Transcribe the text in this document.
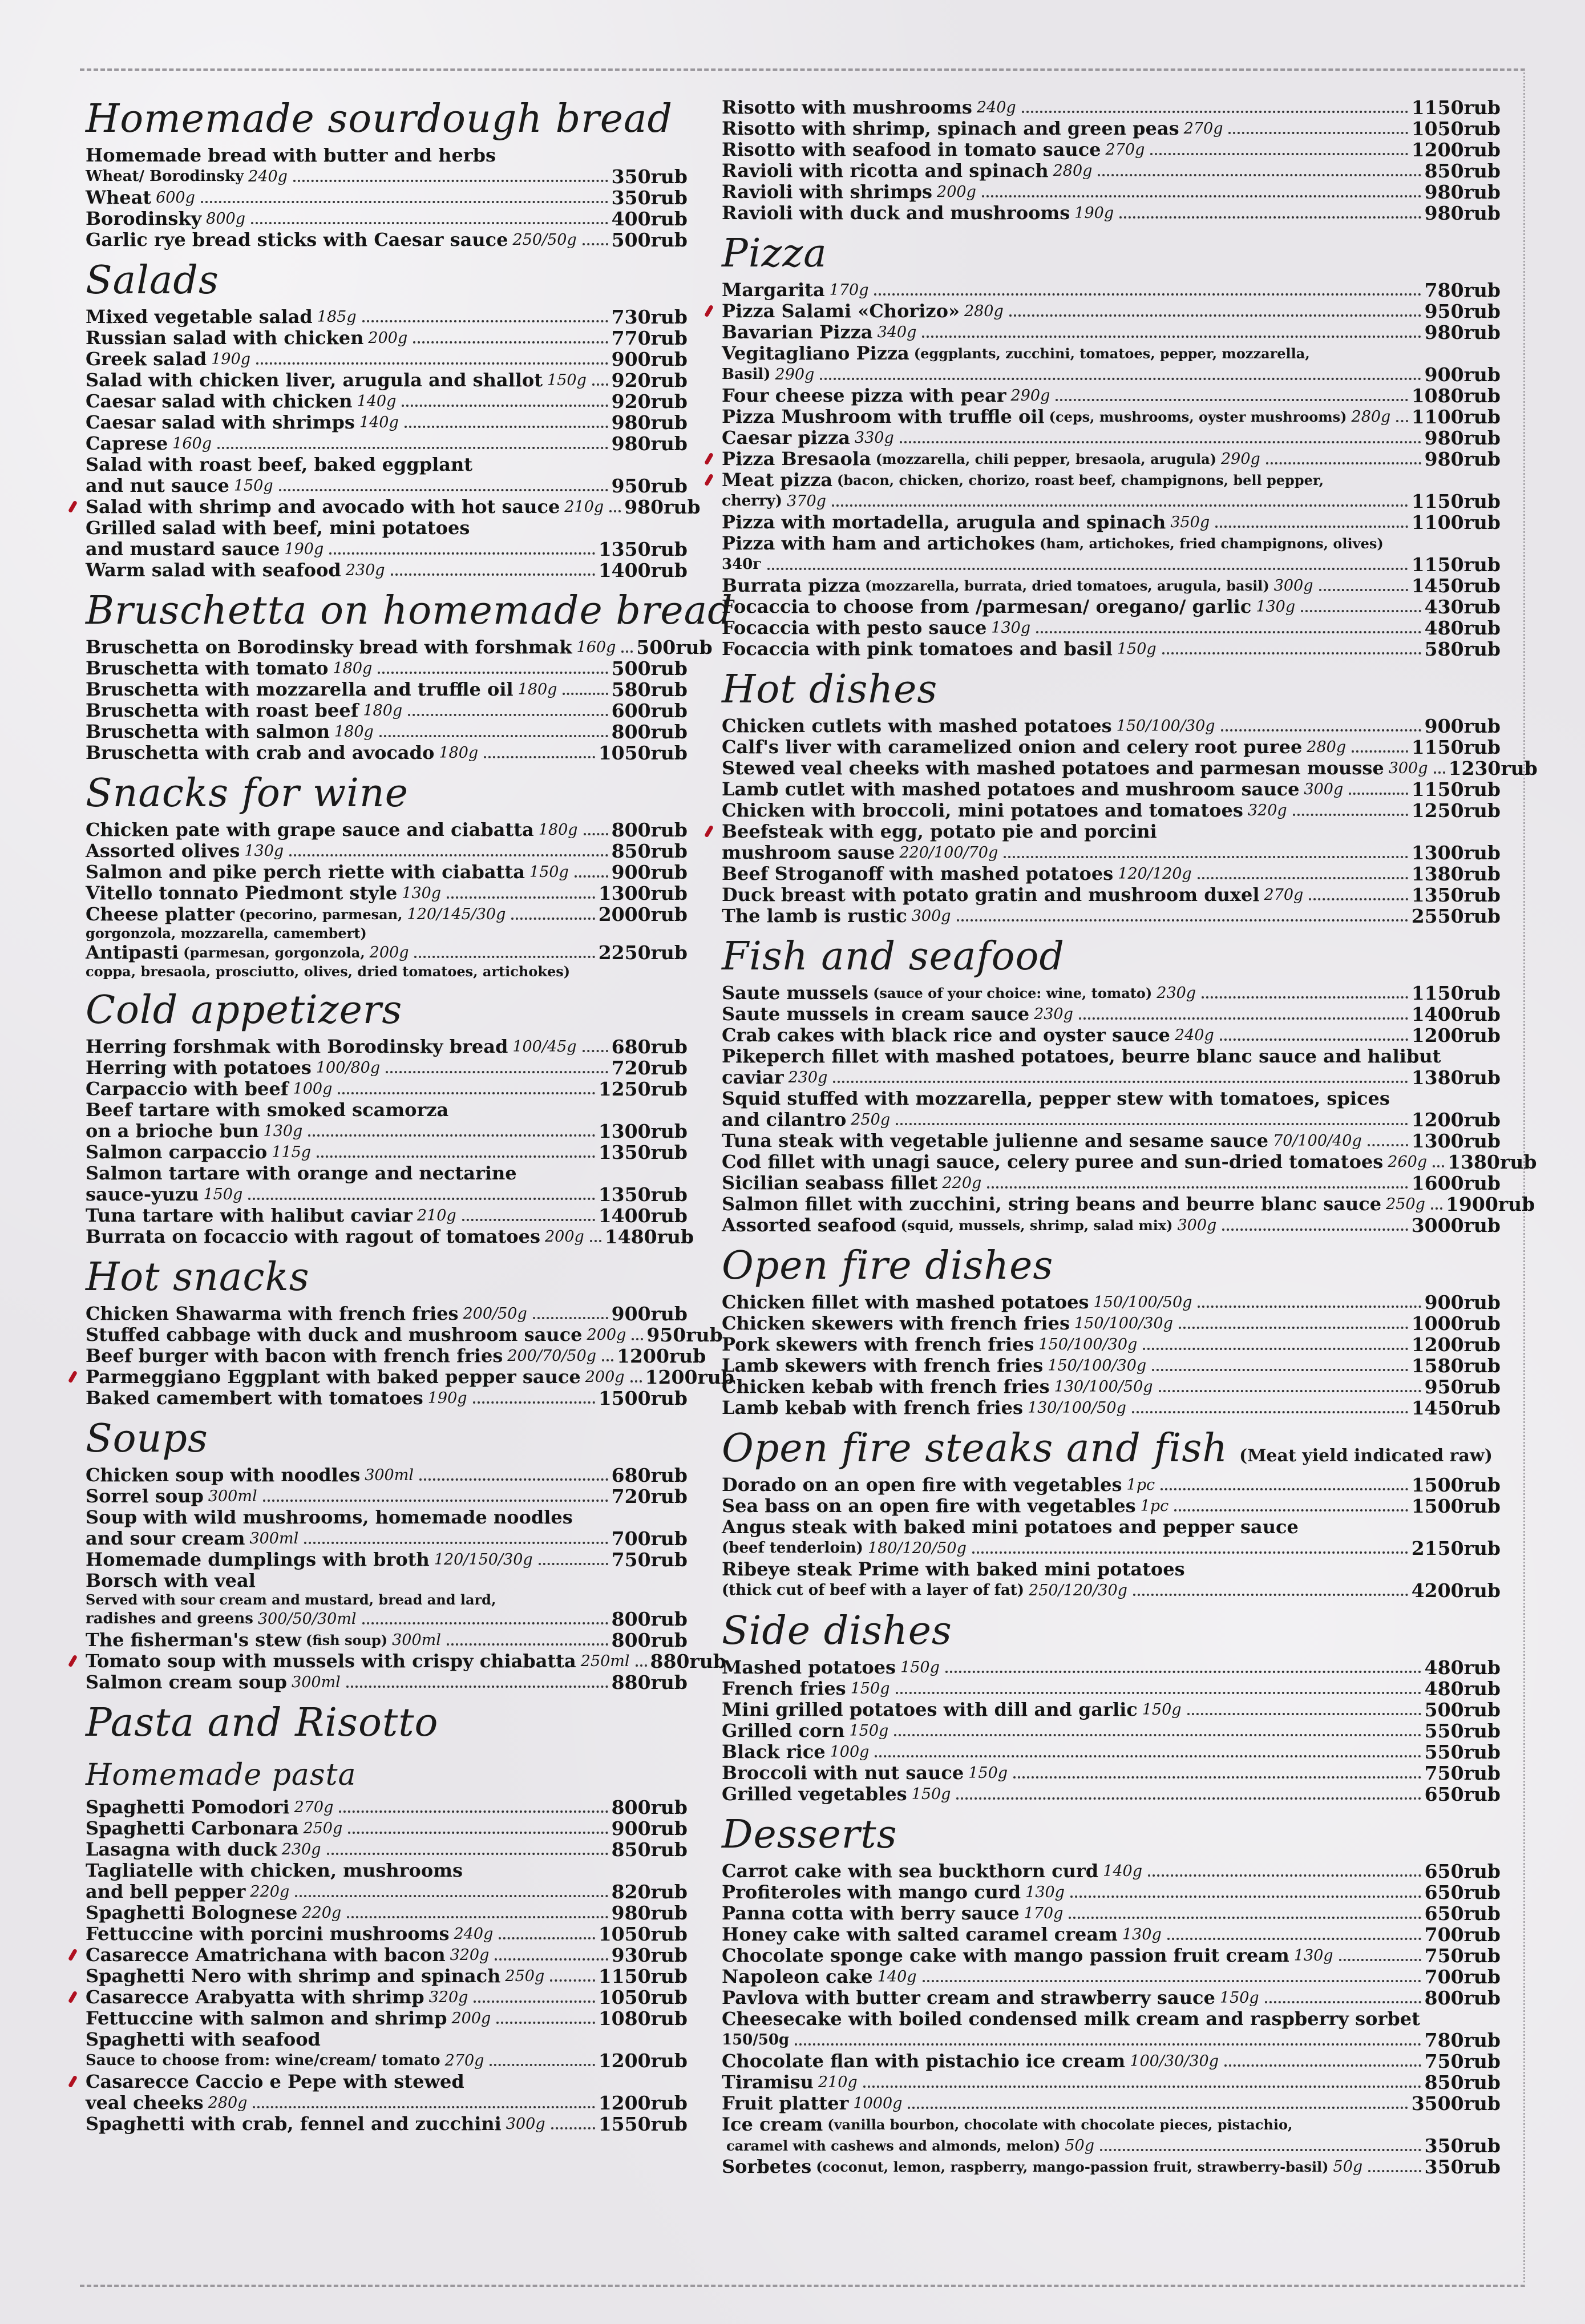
Homemade sourdough bread
Homemade bread with butter and herbs
Wheat/ Borodinsky 240g	350rub
Wheat 600g	350rub
Borodinsky 800g	400rub
Garlic rye bread sticks with Caesar sauce 250/50g 500rub
Salads
Mixed vegetable salad 185g	730rub
Russian salad with chicken 200g	770rub
Greek salad 190g	900rub
Salad with chicken liver, arugula and shallot 150g 920rub
Caesar salad with chicken 140g	920rub
Caesar salad with shrimps 140g	980rub
Caprese 160g	980rub
Salad with roast beef, baked eggplant
and nut sauce 150g	950rub
Salad with shrimp and avocado with hot sauce 210g 980rub
Grilled salad with beef, mini potatoes
and mustard sauce 190g	1350rub
Warm salad with seafood 230g	1400rub
Bruschetta on homemade bread
Bruschetta on Borodinsky bread with forshmak 160g 500rub
Bruschetta with tomato 180g	500rub
Bruschetta with mozzarella and truffle oil 180g	580rub
Bruschetta with roast beef 180g	600rub
Bruschetta with salmon 180g	800rub
Bruschetta with crab and avocado 180g	1050rub
Snacks for wine
Chicken pate with grape sauce and ciabatta 180g 800rub
Assorted olives 130g	850rub
Salmon and pike perch riette with ciabatta 150g 900rub
Vitello tonnato Piedmont style 130g	1300rub
Cheese platter (pecorino, parmesan, 120/145/30g	2000rub
gorgonzola, mozzarella, camembert)
Antipasti (parmesan, gorgonzola, 200g	2250rub
coppa, bresaola, prosciutto, olives, dried tomatoes, artichokes)
Cold appetizers
Herring forshmak with Borodinsky bread 100/45g 680rub
Herring with potatoes 100/80g	720rub
Carpaccio with beef 100g	1250rub
Beef tartare with smoked scamorza
on a brioche bun 130g	1300rub
Salmon carpaccio 115g	1350rub
Salmon tartare with orange and nectarine
sauce-yuzu 150g	1350rub
Tuna tartare with halibut caviar 210g	1400rub
Burrata on focaccio with ragout of tomatoes 200g 1480rub
Hot snacks
Chicken Shawarma with french fries 200/50g	900rub
Stuffed cabbage with duck and mushroom sauce 200g 950rub
Beef burger with bacon with french fries 200/70/50g 1200rub
Parmeggiano Eggplant with baked pepper sauce 200g 1200rub
Baked camembert with tomatoes 190g	1500rub
Soups
Chicken soup with noodles 300ml	680rub
Sorrel soup 300ml	720rub
Soup with wild mushrooms, homemade noodles
and sour cream 300ml	700rub
Homemade dumplings with broth 120/150/30g	750rub
Borsch with veal
Served with sour cream and mustard, bread and lard,
radishes and greens 300/50/30ml	800rub
The fisherman's stew (fish soup) 300ml	800rub
Tomato soup with mussels with crispy chiabatta 250ml 880rub
Salmon cream soup 300ml	880rub
Pasta and Risotto
Homemade pasta
Spaghetti Pomodori 270g	800rub
Spaghetti Carbonara 250g	900rub
Lasagna with duck 230g	850rub
Tagliatelle with chicken, mushrooms
and bell pepper 220g	820rub
Spaghetti Bolognese 220g	980rub
Fettuccine with porcini mushrooms 240g	1050rub
Casarecce Amatrichana with bacon 320g	930rub
Spaghetti Nero with shrimp and spinach 250g	1150rub
Casarecce Arabyatta with shrimp 320g	1050rub
Fettuccine with salmon and shrimp 200g	1080rub
Spaghetti with seafood
Sauce to choose from: wine/cream/ tomato 270g	1200rub
Casarecce Caccio e Pepe with stewed
veal cheeks 280g	1200rub
Spaghetti with crab, fennel and zucchini 300g	1550rub
Risotto with mushrooms 240g	1150rub
Risotto with shrimp, spinach and green peas 270g	1050rub
Risotto with seafood in tomato sauce 270g	1200rub
Ravioli with ricotta and spinach 280g	850rub
Ravioli with shrimps 200g	980rub
Ravioli with duck and mushrooms 190g	980rub
Pizza
Margarita 170g	780rub
Pizza Salami «Chorizo» 280g	950rub
Bavarian Pizza 340g	980rub
Vegitagliano Pizza (eggplants, zucchini, tomatoes, pepper, mozzarella,
Basil) 290g	900rub
Four cheese pizza with pear 290g	1080rub
Pizza Mushroom with truffle oil (ceps, mushrooms, oyster mushrooms) 280g 1100rub
Caesar pizza 330g	980rub
Pizza Bresaola (mozzarella, chili pepper, bresaola, arugula) 290g	980rub
Meat pizza (bacon, chicken, chorizo, roast beef, champignons, bell pepper,
cherry) 370g	1150rub
Pizza with mortadella, arugula and spinach 350g	1100rub
Pizza with ham and artichokes (ham, artichokes, fried champignons, olives)
340г	1150rub
Burrata pizza (mozzarella, burrata, dried tomatoes, arugula, basil) 300g	1450rub
Focaccia to choose from /parmesan/ oregano/ garlic 130g	430rub
Focaccia with pesto sauce 130g	480rub
Focaccia with pink tomatoes and basil 150g	580rub
Hot dishes
Chicken cutlets with mashed potatoes 150/100/30g	900rub
Calf's liver with caramelized onion and celery root puree 280g	1150rub
Stewed veal cheeks with mashed potatoes and parmesan mousse 300g 1230rub
Lamb cutlet with mashed potatoes and mushroom sauce 300g	1150rub
Chicken with broccoli, mini potatoes and tomatoes 320g	1250rub
Beefsteak with egg, potato pie and porcini
mushroom sause 220/100/70g	1300rub
Beef Stroganoff with mashed potatoes 120/120g	1380rub
Duck breast with potato gratin and mushroom duxel 270g	1350rub
The lamb is rustic 300g	2550rub
Fish and seafood
Saute mussels (sauce of your choice: wine, tomato) 230g	1150rub
Saute mussels in cream sauce 230g	1400rub
Crab cakes with black rice and oyster sauce 240g	1200rub
Pikeperch fillet with mashed potatoes, beurre blanc sauce and halibut
caviar 230g	1380rub
Squid stuffed with mozzarella, pepper stew with tomatoes, spices
and cilantro 250g	1200rub
Tuna steak with vegetable julienne and sesame sauce 70/100/40g	1300rub
Cod fillet with unagi sauce, celery puree and sun-dried tomatoes 260g 1380rub
Sicilian seabass fillet 220g	1600rub
Salmon fillet with zucchini, string beans and beurre blanc sauce 250g 1900rub
Assorted seafood (squid, mussels, shrimp, salad mix) 300g	3000rub
Open fire dishes
Chicken fillet with mashed potatoes 150/100/50g	900rub
Chicken skewers with french fries 150/100/30g	1000rub
Pork skewers with french fries 150/100/30g	1200rub
Lamb skewers with french fries 150/100/30g	1580rub
Chicken kebab with french fries 130/100/50g	950rub
Lamb kebab with french fries 130/100/50g	1450rub
Open fire steaks and fish (Meat yield indicated raw)
Dorado on an open fire with vegetables 1pc	1500rub
Sea bass on an open fire with vegetables 1pc	1500rub
Angus steak with baked mini potatoes and pepper sauce
(beef tenderloin) 180/120/50g	2150rub
Ribeye steak Prime with baked mini potatoes
(thick cut of beef with a layer of fat) 250/120/30g	4200rub
Side dishes
Mashed potatoes 150g	480rub
French fries 150g	480rub
Mini grilled potatoes with dill and garlic 150g	500rub
Grilled corn 150g	550rub
Black rice 100g	550rub
Broccoli with nut sauce 150g	750rub
Grilled vegetables 150g	650rub
Desserts
Carrot cake with sea buckthorn curd 140g	650rub
Profiteroles with mango curd 130g	650rub
Panna cotta with berry sauce 170g	650rub
Honey cake with salted caramel cream 130g	700rub
Chocolate sponge cake with mango passion fruit cream 130g	750rub
Napoleon cake 140g	700rub
Pavlova with butter cream and strawberry sauce 150g	800rub
Cheesecake with boiled condensed milk cream and raspberry sorbet
150/50g	780rub
Chocolate flan with pistachio ice cream 100/30/30g	750rub
Tiramisu 210g	850rub
Fruit platter 1000g	3500rub
Ice cream (vanilla bourbon, chocolate with chocolate pieces, pistachio,
caramel with cashews and almonds, melon) 50g	350rub
Sorbetes (coconut, lemon, raspberry, mango-passion fruit, strawberry-basil) 50g	350rub
